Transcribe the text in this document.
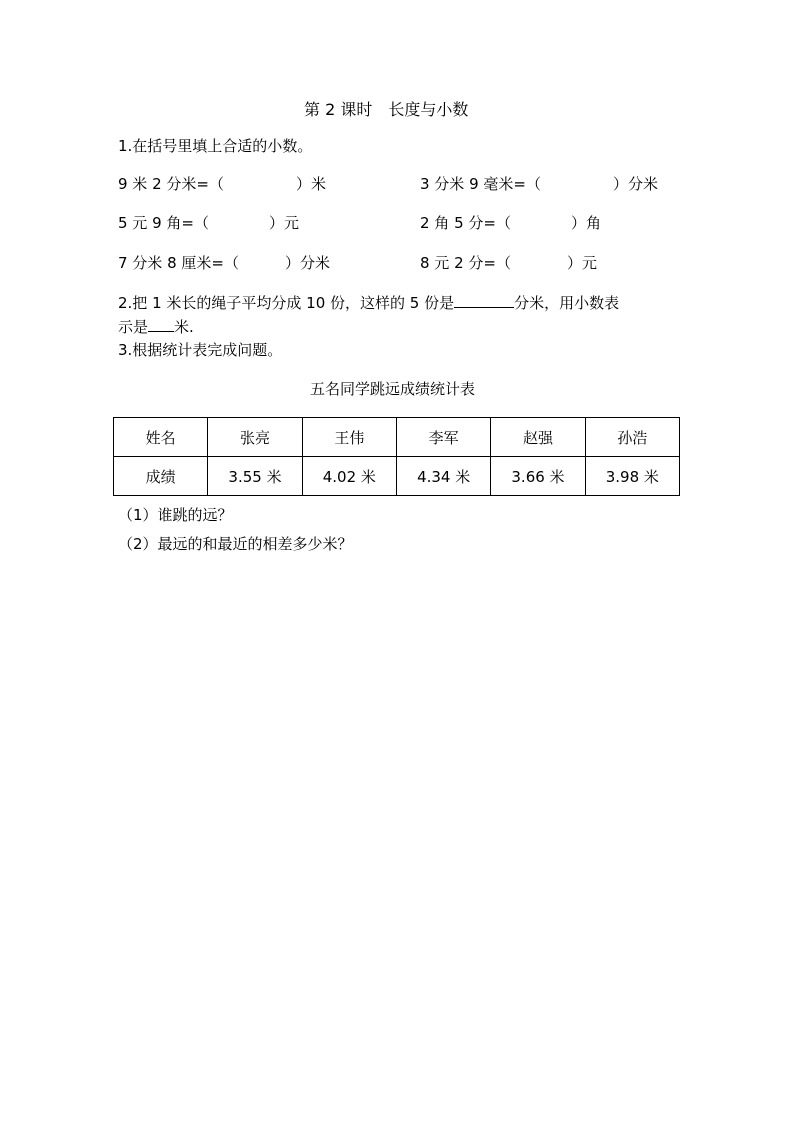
第 2 课时　长度与小数
1.在括号里填上合适的小数。
9 米 2 分米=（	）米	3 分米 9 毫米=（	）分米
5 元 9 角=（	）元	2 角 5 分=（	）角
7 分米 8 厘米=（	）分米	8 元 2 分=（	）元
2.把 1 米长的绳子平均分成 10 份，这样的 5 份是	分米，用小数表
示是 米.
3.根据统计表完成问题。
五名同学跳远成绩统计表
姓名	张亮	王伟	李军	赵强	孙浩
成绩	3.55 米	4.02 米	4.34 米	3.66 米	3.98 米
（1）谁跳的远？
（2）最远的和最近的相差多少米？
